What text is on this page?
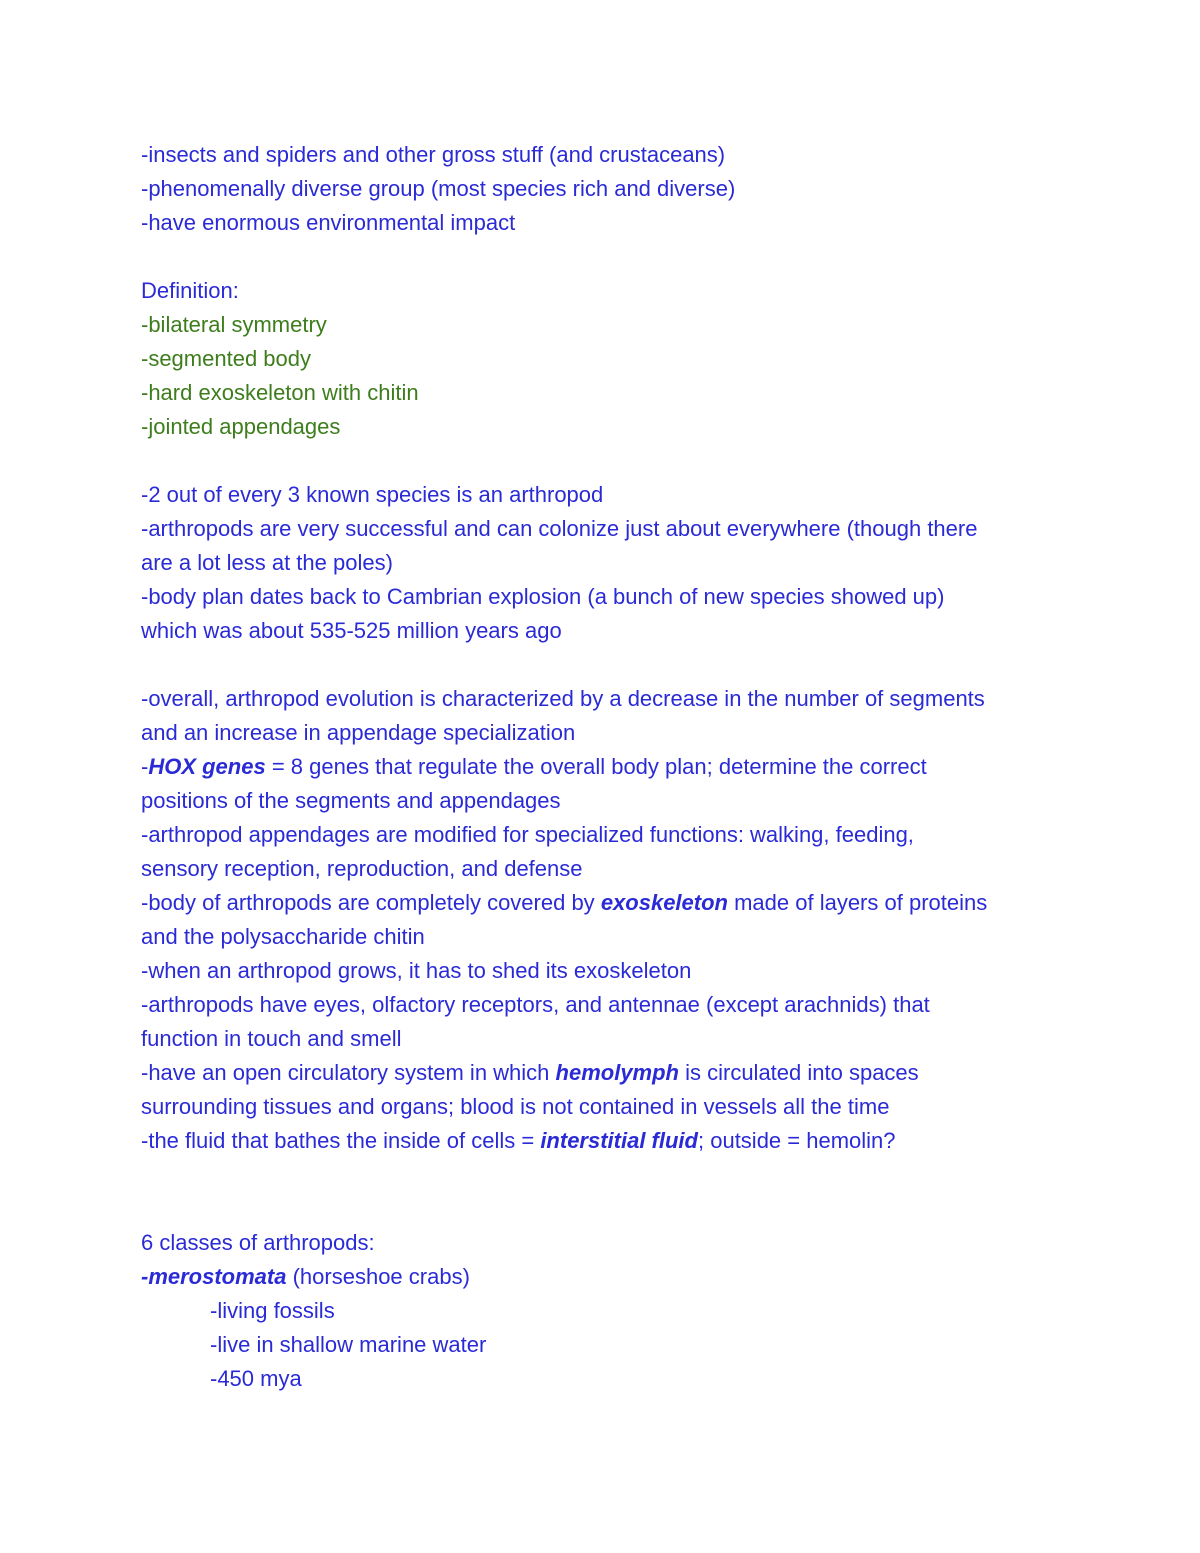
-insects and spiders and other gross stuff (and crustaceans)
-phenomenally diverse group (most species rich and diverse)
-have enormous environmental impact
Definition:
-bilateral symmetry
-segmented body
-hard exoskeleton with chitin
-jointed appendages
-2 out of every 3 known species is an arthropod
-arthropods are very successful and can colonize just about everywhere (though there
are a lot less at the poles)
-body plan dates back to Cambrian explosion (a bunch of new species showed up)
which was about 535-525 million years ago
-overall, arthropod evolution is characterized by a decrease in the number of segments
and an increase in appendage specialization
-HOX genes = 8 genes that regulate the overall body plan; determine the correct
positions of the segments and appendages
-arthropod appendages are modified for specialized functions: walking, feeding,
sensory reception, reproduction, and defense
-body of arthropods are completely covered by exoskeleton made of layers of proteins
and the polysaccharide chitin
-when an arthropod grows, it has to shed its exoskeleton
-arthropods have eyes, olfactory receptors, and antennae (except arachnids) that
function in touch and smell
-have an open circulatory system in which hemolymph is circulated into spaces
surrounding tissues and organs; blood is not contained in vessels all the time
-the fluid that bathes the inside of cells = interstitial fluid; outside = hemolin?
6 classes of arthropods:
-merostomata (horseshoe crabs)
-living fossils
-live in shallow marine water
-450 mya
